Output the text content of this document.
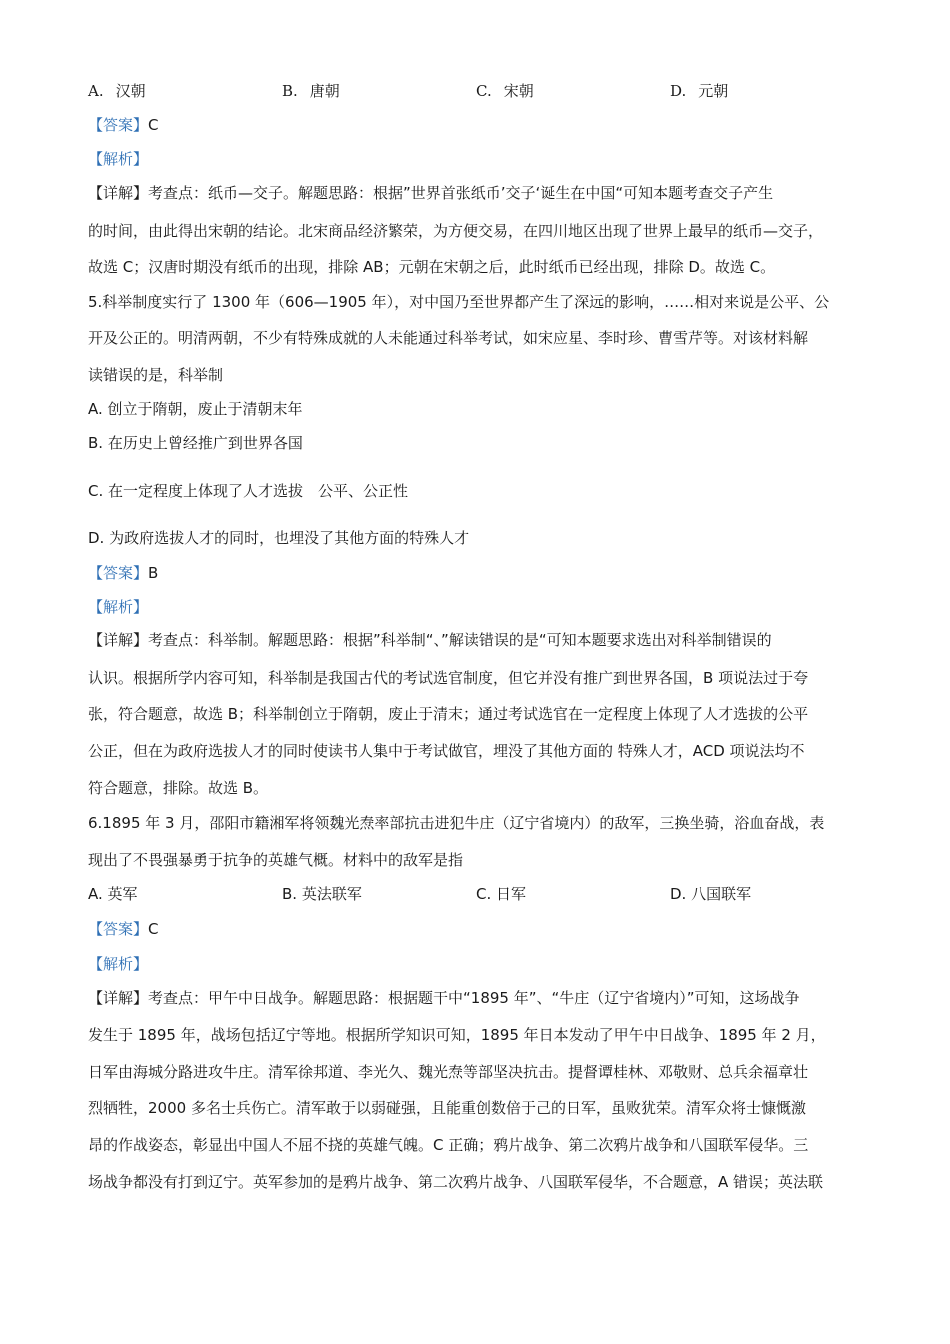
A. 汉朝	B. 唐朝	C. 宋朝	D. 元朝
【答案】C
【解析】
【详解】考查点：纸币—交子。解题思路：根据”世界首张纸币’交子‘诞生在中国“可知本题考查交子产生
的时间，由此得出宋朝的结论。北宋商品经济繁荣，为方便交易，在四川地区出现了世界上最早的纸币—交子，
故选 C；汉唐时期没有纸币的出现，排除 AB；元朝在宋朝之后，此时纸币已经出现，排除 D。故选 C。
5.科举制度实行了 1300 年（606—1905 年），对中国乃至世界都产生了深远的影响，……相对来说是公平、公
开及公正的。明清两朝，不少有特殊成就的人未能通过科举考试，如宋应星、李时珍、曹雪芹等。对该材料解
读错误的是，科举制
A. 创立于隋朝，废止于清朝末年
B. 在历史上曾经推广到世界各国
C. 在一定程度上体现了人才选拔　公平、公正性
D. 为政府选拔人才的同时，也埋没了其他方面的特殊人才
【答案】B
【解析】
【详解】考查点：科举制。解题思路：根据”科举制“、”解读错误的是“可知本题要求选出对科举制错误的
认识。根据所学内容可知，科举制是我国古代的考试选官制度，但它并没有推广到世界各国，B 项说法过于夸
张，符合题意，故选 B；科举制创立于隋朝，废止于清末；通过考试选官在一定程度上体现了人才选拔的公平
公正，但在为政府选拔人才的同时使读书人集中于考试做官，埋没了其他方面的 特殊人才，ACD 项说法均不
符合题意，排除。故选 B。
6.1895 年 3 月，邵阳市籍湘军将领魏光焘率部抗击进犯牛庄（辽宁省境内）的敌军，三换坐骑，浴血奋战，表
现出了不畏强暴勇于抗争的英雄气概。材料中的敌军是指
A. 英军	B. 英法联军	C. 日军	D. 八国联军
【答案】C
【解析】
【详解】考查点：甲午中日战争。解题思路：根据题干中“1895 年”、“牛庄（辽宁省境内）”可知，这场战争
发生于 1895 年，战场包括辽宁等地。根据所学知识可知，1895 年日本发动了甲午中日战争、1895 年 2 月，
日军由海城分路进攻牛庄。清军徐邦道、李光久、魏光焘等部坚决抗击。提督谭桂林、邓敬财、总兵余福章壮
烈牺牲，2000 多名士兵伤亡。清军敢于以弱碰强，且能重创数倍于己的日军，虽败犹荣。清军众将士慷慨激
昂的作战姿态，彰显出中国人不屈不挠的英雄气魄。C 正确；鸦片战争、第二次鸦片战争和八国联军侵华。三
场战争都没有打到辽宁。英军参加的是鸦片战争、第二次鸦片战争、八国联军侵华，不合题意，A 错误；英法联
